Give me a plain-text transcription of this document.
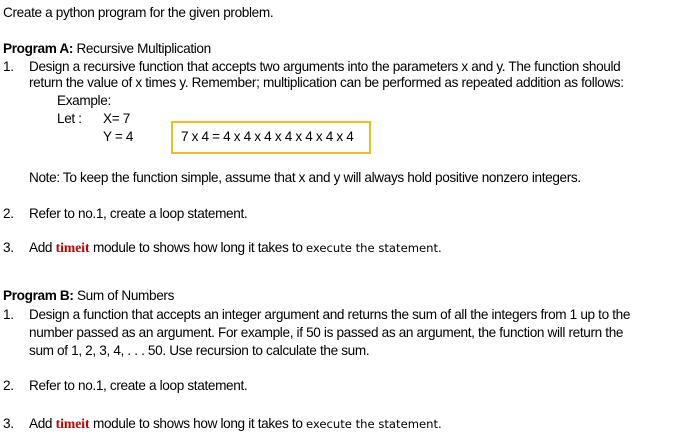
Create a python program for the given problem.
Program A: Recursive Multiplication
1. Design a recursive function that accepts two arguments into the parameters x and y. The function should
return the value of x times y. Remember; multiplication can be performed as repeated addition as follows:
Example:
Let : X= 7
Y = 4	7 x 4 = 4 x 4 x 4 x 4 x 4 x 4 x 4
Note: To keep the function simple, assume that x and y will always hold positive nonzero integers.
2. Refer to no.1, create a loop statement.
3. Add timeit module to shows how long it takes to execute the statement.
Program B: Sum of Numbers
1. Design a function that accepts an integer argument and returns the sum of all the integers from 1 up to the
number passed as an argument. For example, if 50 is passed as an argument, the function will return the
sum of 1, 2, 3, 4, . . . 50. Use recursion to calculate the sum.
2. Refer to no.1, create a loop statement.
3. Add timeit module to shows how long it takes to execute the statement.
